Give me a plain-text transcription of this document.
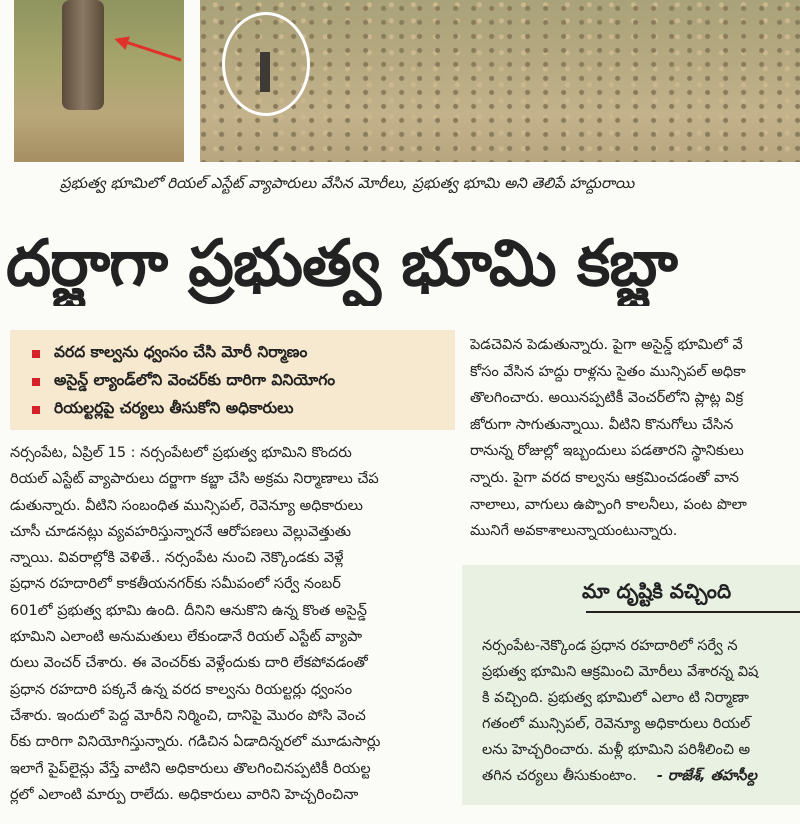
ప్రభుత్వ భూమిలో రియల్ ఎస్టేట్ వ్యాపారులు వేసిన మోరీలు, ప్రభుత్వ భూమి అని తెలిపే హద్దురాయి
దర్జాగా ప్రభుత్వ భూమి కబ్జా
వరద కాల్వను ధ్వంసం చేసి మోరీ నిర్మాణం
అసైన్డ్ ల్యాండ్‌లోని వెంచర్‌కు దారిగా వినియోగం
రియల్టర్లపై చర్యలు తీసుకోని అధికారులు

నర్సంపేట, ఏప్రిల్ 15 : నర్సంపేటలో ప్రభుత్వ భూమిని కొందరు

రియల్ ఎస్టేట్ వ్యాపారులు దర్జాగా కబ్జా చేసి అక్రమ నిర్మాణాలు చేప

డుతున్నారు. వీటిని సంబంధిత మున్సిపల్, రెవెన్యూ అధికారులు

చూసీ చూడనట్లు వ్యవహరిస్తున్నారనే ఆరోపణలు వెల్లువెత్తుతు

న్నాయి. వివరాల్లోకి వెళితే.. నర్సంపేట నుంచి నెక్కొండకు వెళ్లే

ప్రధాన రహదారిలో కాకతీయనగర్‌కు సమీపంలో సర్వే నంబర్

601లో ప్రభుత్వ భూమి ఉంది. దీనిని ఆనుకొని ఉన్న కొంత అసైన్డ్

భూమిని ఎలాంటి అనుమతులు లేకుండానే రియల్ ఎస్టేట్ వ్యాపా

రులు వెంచర్ చేశారు. ఈ వెంచర్‌కు వెళ్లేందుకు దారి లేకపోవడంతో

ప్రధాన రహదారి పక్కనే ఉన్న వరద కాల్వను రియల్టర్లు ధ్వంసం

చేశారు. ఇందులో పెద్ద మోరీని నిర్మించి, దానిపై మొరం పోసి వెంచ

ర్‌కు దారిగా వినియోగిస్తున్నారు. గడిచిన ఏడాదిన్నరలో మూడుసార్లు

ఇలాగే పైప్‌లైన్లు వేస్తే వాటిని అధికారులు తొలగించినప్పటికీ రియల్ట

ర్లలో ఎలాంటి మార్పు రాలేదు. అధికారులు వారిని హెచ్చరించినా

పెడచెవిన పెడుతున్నారు. పైగా అసైన్డ్ భూమిలో వే

కోసం వేసిన హద్దు రాళ్లను సైతం మున్సిపల్ అధికా

తొలగించారు. అయినప్పటికీ వెంచర్‌లోని ప్లాట్ల విక్ర

జోరుగా సాగుతున్నాయి. వీటిని కొనుగోలు చేసిన

రానున్న రోజుల్లో ఇబ్బందులు పడతారని స్థానికులు

న్నారు. పైగా వరద కాల్వను ఆక్రమించడంతో వాన

నాలాలు, వాగులు ఉప్పొంగి కాలనీలు, పంట పొలా

మునిగే అవకాశాలున్నాయంటున్నారు.

మా దృష్టికి వచ్చింది

నర్సంపేట-నెక్కొండ ప్రధాన రహదారిలో సర్వే న

ప్రభుత్వ భూమిని ఆక్రమించి మోరీలు వేశారన్న విష

కి వచ్చింది. ప్రభుత్వ భూమిలో ఎలాం టి నిర్మాణా

గతంలో మున్సిపల్, రెవెన్యూ అధికారులు రియల్

లను హెచ్చరించారు. మళ్లీ భూమిని పరిశీలించి అ

తగిన చర్యలు తీసుకుంటాం. - రాజేశ్, తహసీల్ద
